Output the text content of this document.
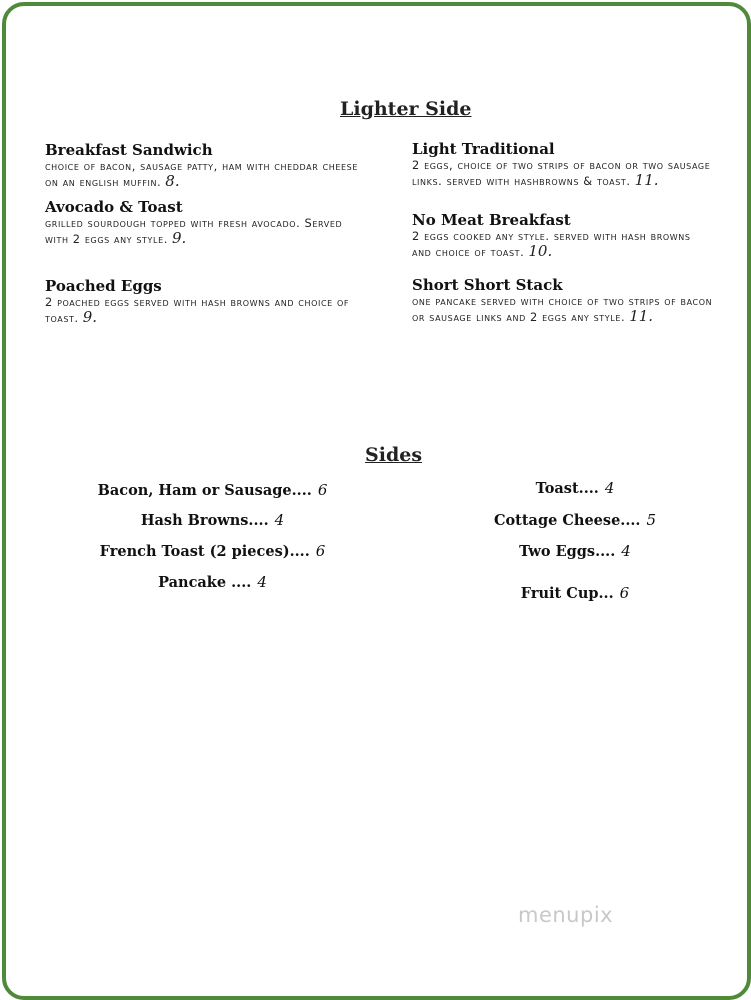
Lighter Side
Breakfast Sandwich
choice of bacon, sausage patty, ham with cheddar cheese on an english muffin. 8.
Avocado & Toast
grilled sourdough topped with fresh avocado. Served with 2 eggs any style. 9.
Poached Eggs
2 poached eggs served with hash browns and choice of toast. 9.
Light Traditional
2 eggs, choice of two strips of bacon or two sausage links. served with hashbrowns & toast. 11.
No Meat Breakfast
2 eggs cooked any style. served with hash browns and choice of toast. 10.
Short Short Stack
one pancake served with choice of two strips of bacon or sausage links and 2 eggs any style. 11.
Sides
Bacon, Ham or Sausage.... 6
Hash Browns.... 4
French Toast (2 pieces).... 6
Pancake .... 4
Toast.... 4
Cottage Cheese.... 5
Two Eggs.... 4
Fruit Cup... 6
menupix
